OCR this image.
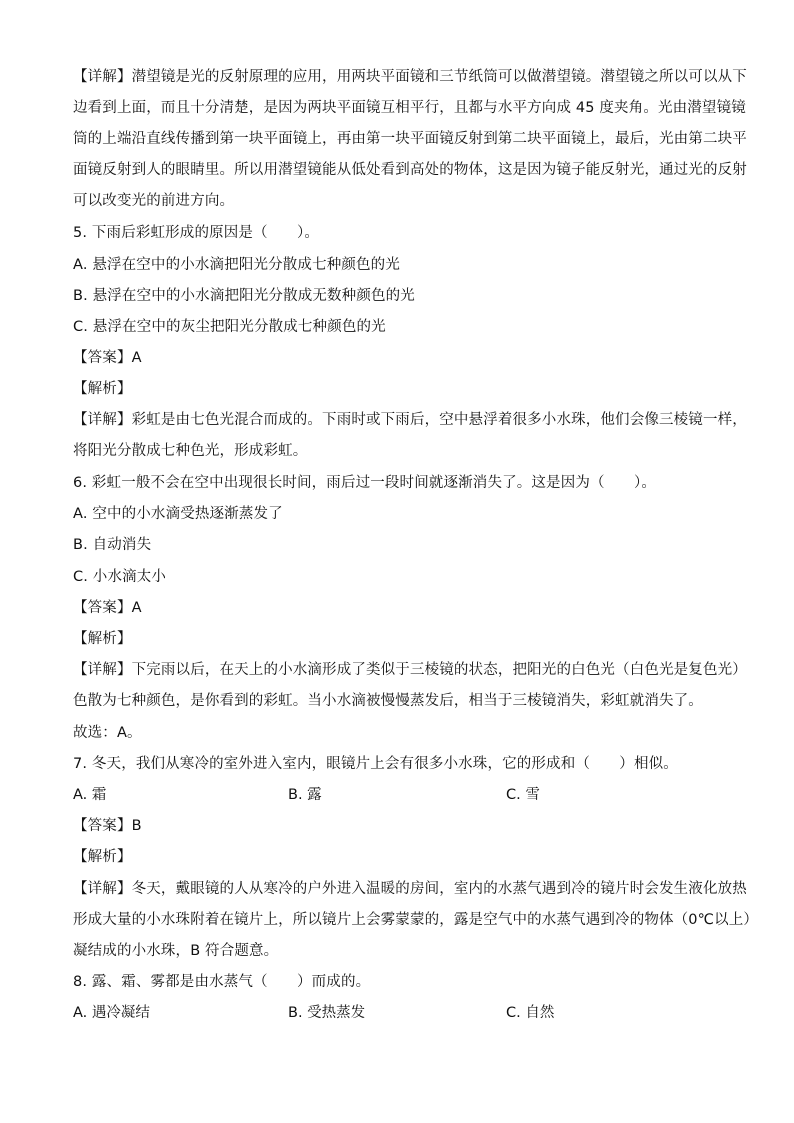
【详解】潜望镜是光的反射原理的应用，用两块平面镜和三节纸筒可以做潜望镜。潜望镜之所以可以从下
边看到上面，而且十分清楚，是因为两块平面镜互相平行，且都与水平方向成 45 度夹角。光由潜望镜镜
筒的上端沿直线传播到第一块平面镜上，再由第一块平面镜反射到第二块平面镜上，最后，光由第二块平
面镜反射到人的眼睛里。所以用潜望镜能从低处看到高处的物体，这是因为镜子能反射光，通过光的反射
可以改变光的前进方向。
5. 下雨后彩虹形成的原因是（　　）。
A. 悬浮在空中的小水滴把阳光分散成七种颜色的光
B. 悬浮在空中的小水滴把阳光分散成无数种颜色的光
C. 悬浮在空中的灰尘把阳光分散成七种颜色的光
【答案】A
【解析】
【详解】彩虹是由七色光混合而成的。下雨时或下雨后，空中悬浮着很多小水珠，他们会像三棱镜一样，
将阳光分散成七种色光，形成彩虹。
6. 彩虹一般不会在空中出现很长时间，雨后过一段时间就逐渐消失了。这是因为（　　）。
A. 空中的小水滴受热逐渐蒸发了
B. 自动消失
C. 小水滴太小
【答案】A
【解析】
【详解】下完雨以后，在天上的小水滴形成了类似于三棱镜的状态，把阳光的白色光（白色光是复色光）
色散为七种颜色，是你看到的彩虹。当小水滴被慢慢蒸发后，相当于三棱镜消失，彩虹就消失了。
故选：A。
7. 冬天，我们从寒冷的室外进入室内，眼镜片上会有很多小水珠，它的形成和（　　）相似。
A. 霜	B. 露	C. 雪
【答案】B
【解析】
【详解】冬天，戴眼镜的人从寒冷的户外进入温暖的房间，室内的水蒸气遇到冷的镜片时会发生液化放热
形成大量的小水珠附着在镜片上，所以镜片上会雾蒙蒙的，露是空气中的水蒸气遇到冷的物体（0℃以上）
凝结成的小水珠，B 符合题意。
8. 露、霜、雾都是由水蒸气（　　）而成的。
A. 遇冷凝结	B. 受热蒸发	C. 自然
